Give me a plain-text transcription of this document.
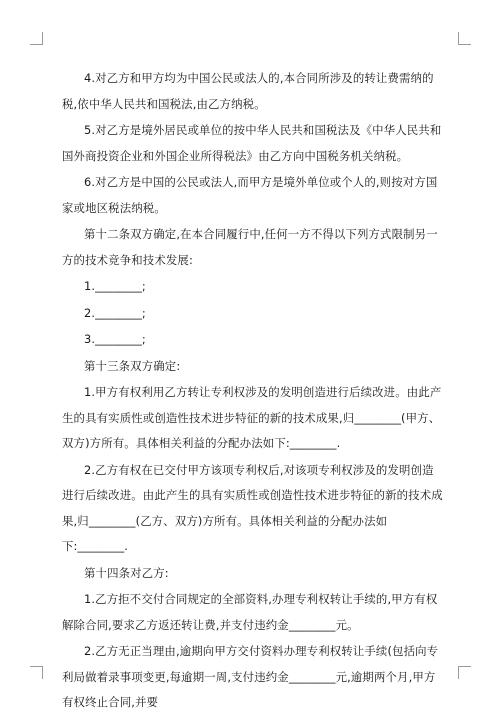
4.对乙方和甲方均为中国公民或法人的,本合同所涉及的转让费需纳的税,依中华人民共和国税法,由乙方纳税。

5.对乙方是境外居民或单位的按中华人民共和国税法及《中华人民共和国外商投资企业和外国企业所得税法》由乙方向中国税务机关纳税。

6.对乙方是中国的公民或法人,而甲方是境外单位或个人的,则按对方国家或地区税法纳税。

第十二条双方确定,在本合同履行中,任何一方不得以下列方式限制另一方的技术竞争和技术发展:

1.________;

2.________;

3.________;

第十三条双方确定:

1.甲方有权利用乙方转让专利权涉及的发明创造进行后续改进。由此产生的具有实质性或创造性技术进步特征的新的技术成果,归________(甲方、双方)方所有。具体相关利益的分配办法如下:________.

2.乙方有权在已交付甲方该项专利权后,对该项专利权涉及的发明创造进行后续改进。由此产生的具有实质性或创造性技术进步特征的新的技术成果,归________(乙方、双方)方所有。具体相关利益的分配办法如下:________.

第十四条对乙方:

1.乙方拒不交付合同规定的全部资料,办理专利权转让手续的,甲方有权解除合同,要求乙方返还转让费,并支付违约金________元。

2.乙方无正当理由,逾期向甲方交付资料办理专利权转让手续(包括向专利局做着录事项变更,每逾期一周,支付违约金________元,逾期两个月,甲方有权终止合同,并要
